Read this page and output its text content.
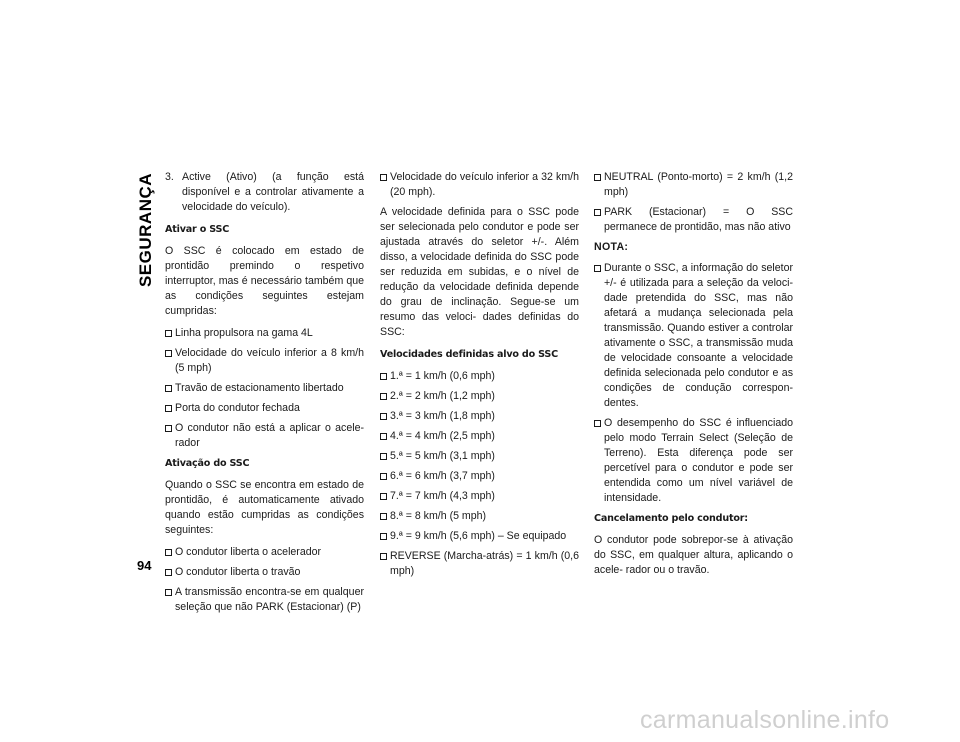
SEGURANÇA
94
3. Active (Ativo) (a função está disponível e a controlar ativamente a velocidade do veículo).
Ativar o SSC

O SSC é colocado em estado de prontidão premindo o respetivo interruptor, mas é necessário também que as condições seguintes estejam cumpridas:

Linha propulsora na gama 4L
Velocidade do veículo inferior a 8 km/h (5 mph)
Travão de estacionamento libertado
Porta do condutor fechada
O condutor não está a aplicar o acele- rador
Ativação do SSC

Quando o SSC se encontra em estado de prontidão, é automaticamente ativado quando estão cumpridas as condições seguintes:

O condutor liberta o acelerador
O condutor liberta o travão
A transmissão encontra-se em qualquer seleção que não PARK (Estacionar) (P)
Velocidade do veículo inferior a 32 km/h (20 mph).

A velocidade definida para o SSC pode ser selecionada pelo condutor e pode ser ajustada através do seletor +/-. Além disso, a velocidade definida do SSC pode ser reduzida em subidas, e o nível de redução da velocidade definida depende do grau de inclinação. Segue-se um resumo das veloci- dades definidas do SSC:

Velocidades definidas alvo do SSC
1.ª = 1 km/h (0,6 mph)
2.ª = 2 km/h (1,2 mph)
3.ª = 3 km/h (1,8 mph)
4.ª = 4 km/h (2,5 mph)
5.ª = 5 km/h (3,1 mph)
6.ª = 6 km/h (3,7 mph)
7.ª = 7 km/h (4,3 mph)
8.ª = 8 km/h (5 mph)
9.ª = 9 km/h (5,6 mph) – Se equipado
REVERSE (Marcha-atrás) = 1 km/h (0,6 mph)
NEUTRAL (Ponto-morto) = 2 km/h (1,2 mph)
PARK (Estacionar) = O SSC permanece de prontidão, mas não ativo
NOTA:
Durante o SSC, a informação do seletor +/- é utilizada para a seleção da veloci- dade pretendida do SSC, mas não afetará a mudança selecionada pela transmissão. Quando estiver a controlar ativamente o SSC, a transmissão muda de velocidade consoante a velocidade definida selecionada pelo condutor e as condições de condução correspon- dentes.
O desempenho do SSC é influenciado pelo modo Terrain Select (Seleção de Terreno). Esta diferença pode ser percetível para o condutor e pode ser entendida como um nível variável de intensidade.
Cancelamento pelo condutor:

O condutor pode sobrepor-se à ativação do SSC, em qualquer altura, aplicando o acele- rador ou o travão.

carmanualsonline.info
